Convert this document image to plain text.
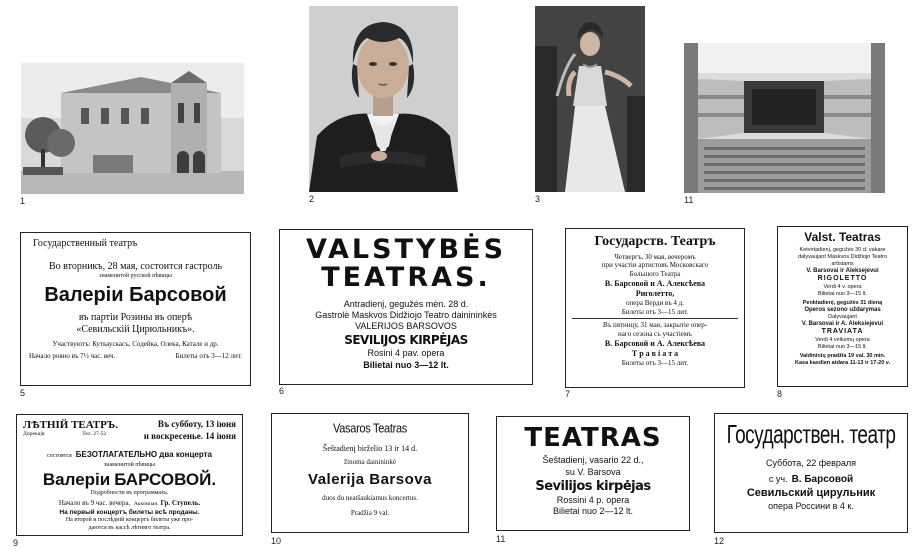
1	2	3	11
Государственный театръ
Во вторникъ, 28 мая, состоится гастроль
знаменитой русской пѣвицы
Валеріи Барсовой
въ партіи Розины въ оперѣ
«Севильскій Цирюльникъ».
Участвуютъ: Куткаускасъ, Содейка, Олека, Катале и др.
Начало ровно въ 7½ час. веч.	Билеты отъ 3—12 лит.
5
VALSTYBĖS
TEATRAS.
Antradienį, gegužės mėn. 28 d.
Gastrolė Maskvos Didžiojo Teatro dainininkės
VALERIJOS BARSOVOS
SEVILIJOS KIRPĖJAS
Rosini 4 pav. opera
Bilietai nuo 3—12 lt.
6
Государств. Театръ
Четвергъ, 30 мая, вечеромъ
при участіи артистовъ Московскаго
Большого Театра
В. Барсовой и А. Алексѣева
Риголетто,
опера Верди въ 4 д.
Билеты отъ 3—15 лит.
Въ пятницу, 31 мая, закрытіе опер-
наго сезона съ участіемъ
В. Барсовой и А. Алексѣева
Т р а в і а т а
Билеты отъ 3—15 лит.
7
Valst. Teatras
Ketvirtadienį, gegužės 30 d. vakare
dalyvaujant Maskvos Didžiojo Teatro
artistams
V. Barsovai ir Aleksejevui
RIGOLETTO
Verdi 4 v. opera
Bilietai nuo 3—15 lt.
Penktadienį, gegužės 31 dieną
Operos sezono uždarymas
Dalyvaujant
V. Barsovai ir A. Aleksiejevui
TRAVIATA
Verdi 4 veiksmų opera
Bilietai nuo 3—15 lt.
Valdininių pradžia 19 val. 30 min.
Kasa kasdien atdara 11-13 ir 17-20 v.
8
ЛѢТНІЙ ТЕАТРЪ.	Въ субботу, 13 іюня
Дирекція	Тел. 27-52	и воскресенье. 14 іюня
состоятся БЕЗОТЛАГАТЕЛЬНО два концерта
знаменитой пѣвицы
Валеріи БАРСОВОЙ.
Подробности въ программахъ.
Начало въ 9 час. вечера. Аккомпан. Гр. Ступель.
На первый концертъ билеты всѣ проданы.
На второй и послѣдній концертъ билеты уже про-
даются въ кассѣ лѣтняго театра.
9
Vasaros Teatras
Šeštadienį birželio 13 ir 14 d.
žinoma dainininkė
Valerija Barsova
duos du neatšaukiamus koncertus.
Pradžia 9 val.
10
TEATRAS
Šeštadienį, vasario 22 d.,
su V. Barsova
Sevilijos kirpėjas
Rossini 4 p. opera
Bilietai nuo 2—12 lt.
11
Государствен. театр
Суббота, 22 февраля
с уч. В. Барсовой
Севильский цирульник
опера Россини в 4 к.
12
